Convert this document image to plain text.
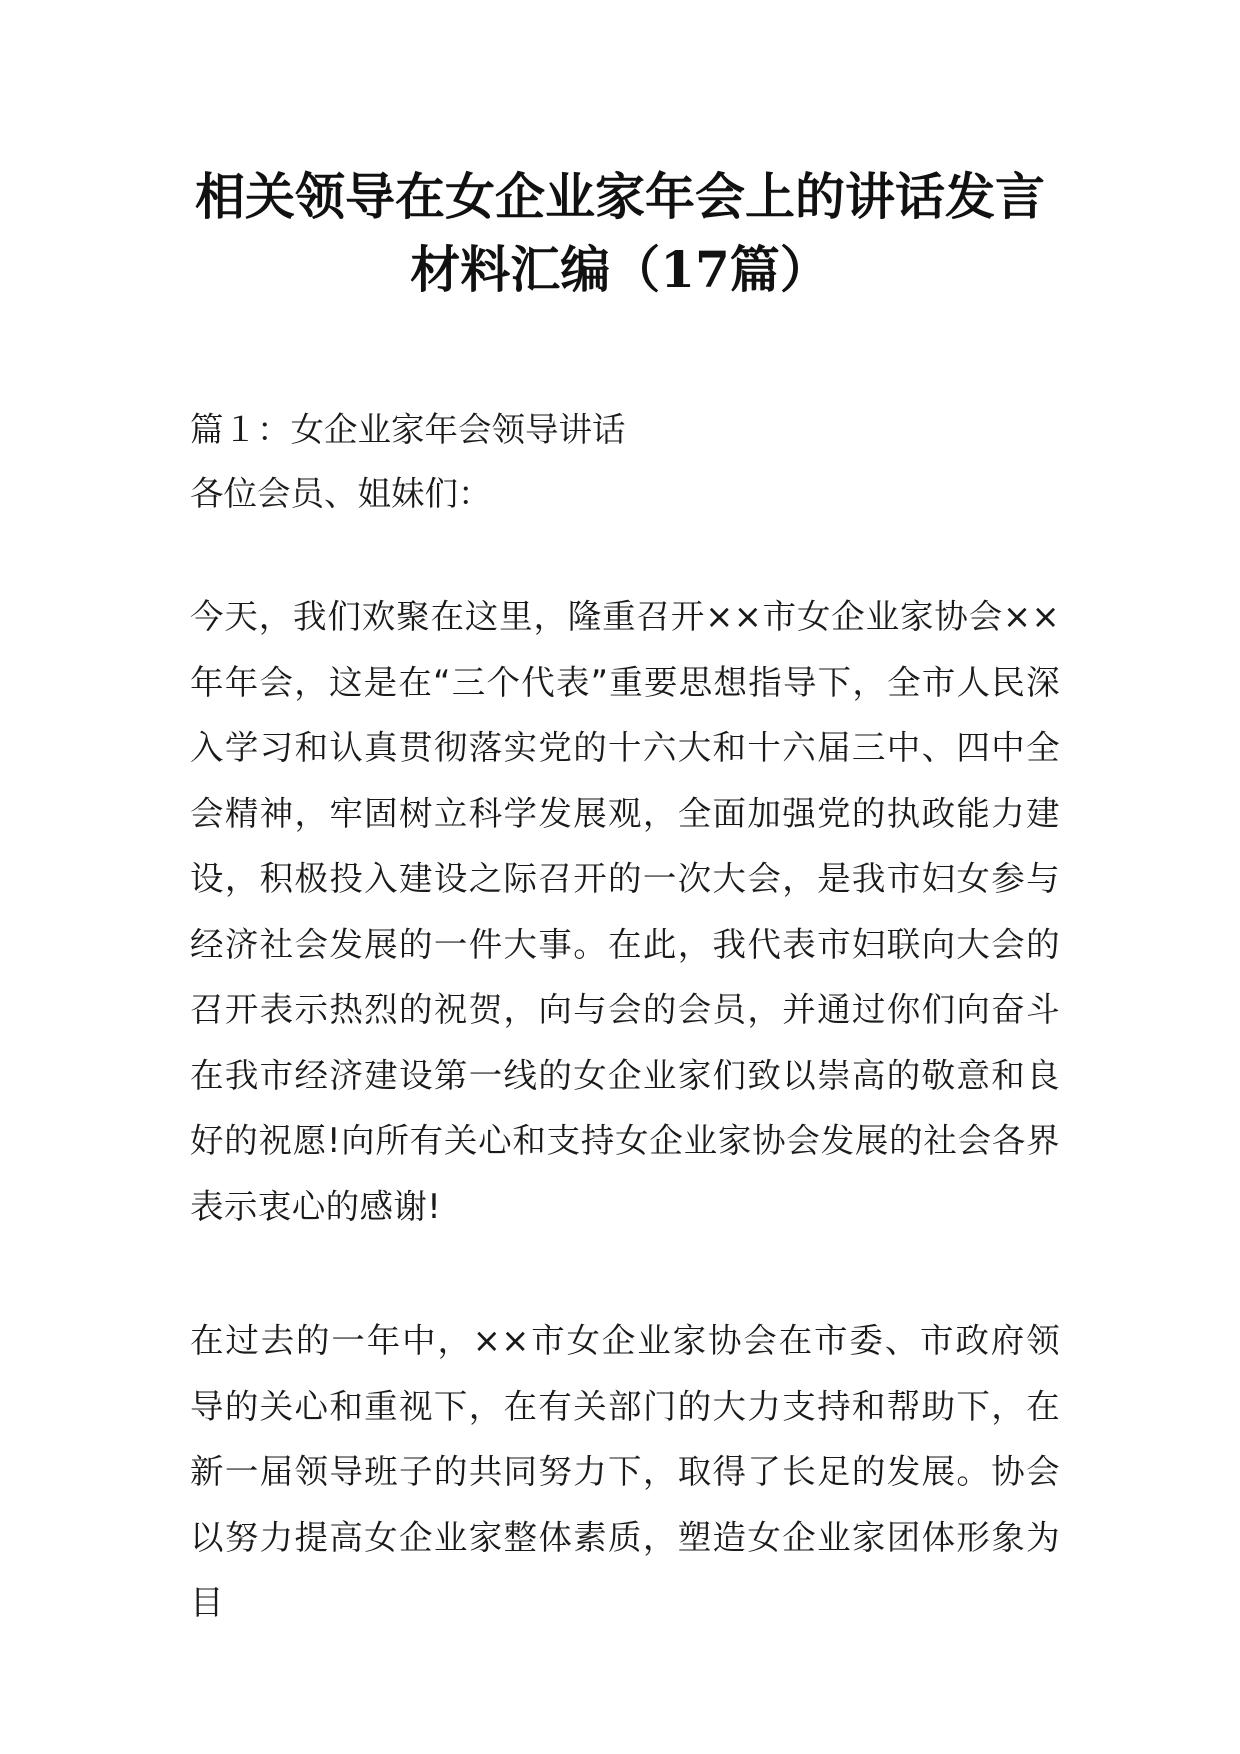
相关领导在女企业家年会上的讲话发言
材料汇编（17篇）

篇１：女企业家年会领导讲话

各位会员、姐妹们：

今天，我们欢聚在这里，隆重召开××市女企业家协会××年年会，这是在“三个代表”重要思想指导下，全市人民深入学习和认真贯彻落实党的十六大和十六届三中、四中全会精神，牢固树立科学发展观，全面加强党的执政能力建设，积极投入建设之际召开的一次大会，是我市妇女参与经济社会发展的一件大事。在此，我代表市妇联向大会的召开表示热烈的祝贺，向与会的会员，并通过你们向奋斗在我市经济建设第一线的女企业家们致以崇高的敬意和良好的祝愿!向所有关心和支持女企业家协会发展的社会各界表示衷心的感谢!

在过去的一年中，××市女企业家协会在市委、市政府领导的关心和重视下，在有关部门的大力支持和帮助下，在新一届领导班子的共同努力下，取得了长足的发展。协会以努力提高女企业家整体素质，塑造女企业家团体形象为目
